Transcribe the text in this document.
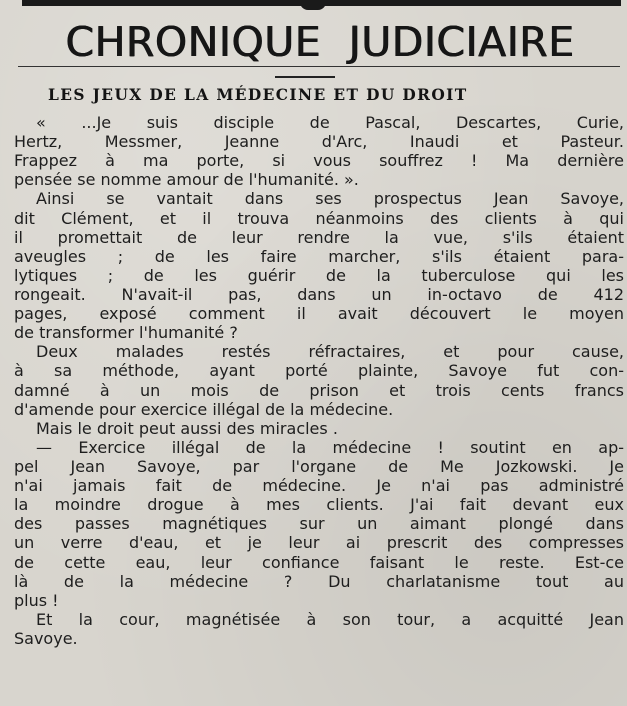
CHRONIQUE JUDICIAIRE
LES JEUX DE LA MÉDECINE ET DU DROIT
« ...Je suis disciple de Pascal, Descartes, Curie,
Hertz, Messmer, Jeanne d'Arc, Inaudi et Pasteur.
Frappez à ma porte, si vous souffrez ! Ma dernière
pensée se nomme amour de l'humanité. ».
Ainsi se vantait dans ses prospectus Jean Savoye,
dit Clément, et il trouva néanmoins des clients à qui
il promettait de leur rendre la vue, s'ils étaient
aveugles ; de les faire marcher, s'ils étaient para-
lytiques ; de les guérir de la tuberculose qui les
rongeait. N'avait-il pas, dans un in-octavo de 412
pages, exposé comment il avait découvert le moyen
de transformer l'humanité ?
Deux malades restés réfractaires, et pour cause,
à sa méthode, ayant porté plainte, Savoye fut con-
damné à un mois de prison et trois cents francs
d'amende pour exercice illégal de la médecine.
Mais le droit peut aussi des miracles .
— Exercice illégal de la médecine ! soutint en ap-
pel Jean Savoye, par l'organe de Me Jozkowski. Je
n'ai jamais fait de médecine. Je n'ai pas administré
la moindre drogue à mes clients. J'ai fait devant eux
des passes magnétiques sur un aimant plongé dans
un verre d'eau, et je leur ai prescrit des compresses
de cette eau, leur confiance faisant le reste. Est-ce
là de la médecine ? Du charlatanisme tout au
plus !
Et la cour, magnétisée à son tour, a acquitté Jean
Savoye.
